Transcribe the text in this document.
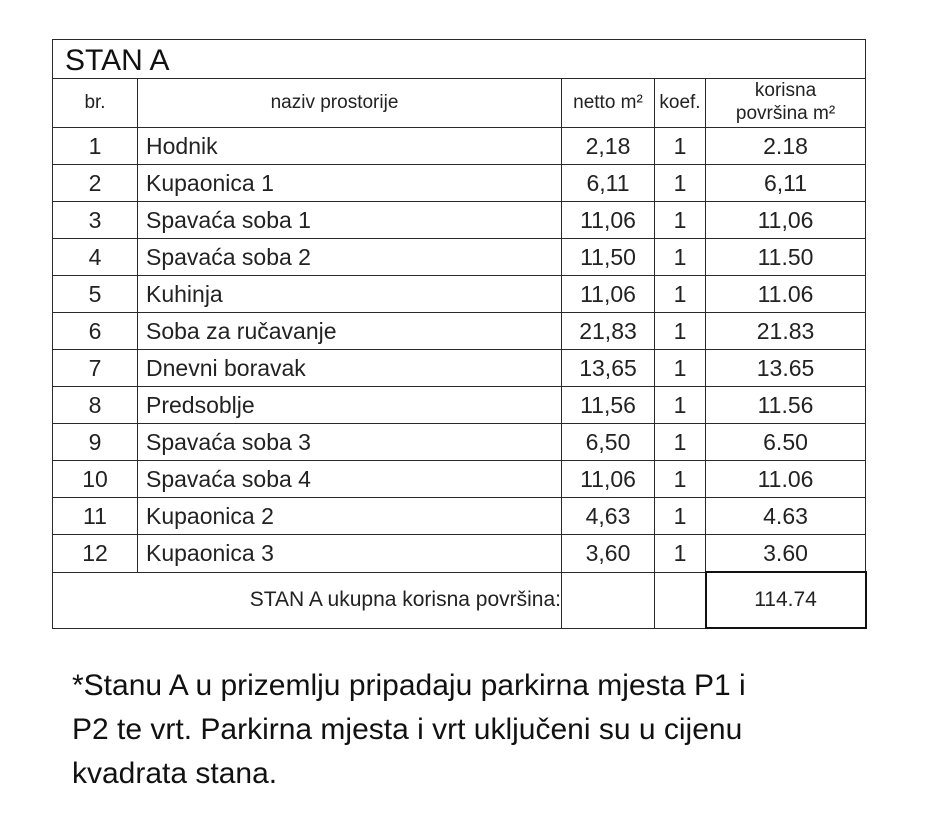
STAN A				
br.	naziv prostorije	netto m²	koef.	korisna
površina m²
1	Hodnik	2,18	1	2.18
2	Kupaonica 1	6,11	1	6,11
3	Spavaća soba 1	11,06	1	11,06
4	Spavaća soba 2	11,50	1	11.50
5	Kuhinja	11,06	1	11.06
6	Soba za ručavanje	21,83	1	21.83
7	Dnevni boravak	13,65	1	13.65
8	Predsoblje	11,56	1	11.56
9	Spavaća soba 3	6,50	1	6.50
10	Spavaća soba 4	11,06	1	11.06
11	Kupaonica 2	4,63	1	4.63
12	Kupaonica 3	3,60	1	3.60
STAN A ukupna korisna površina:				114.74
*Stanu A u prizemlju pripadaju parkirna mjesta P1 i
P2 te vrt. Parkirna mjesta i vrt uključeni su u cijenu
kvadrata stana.
